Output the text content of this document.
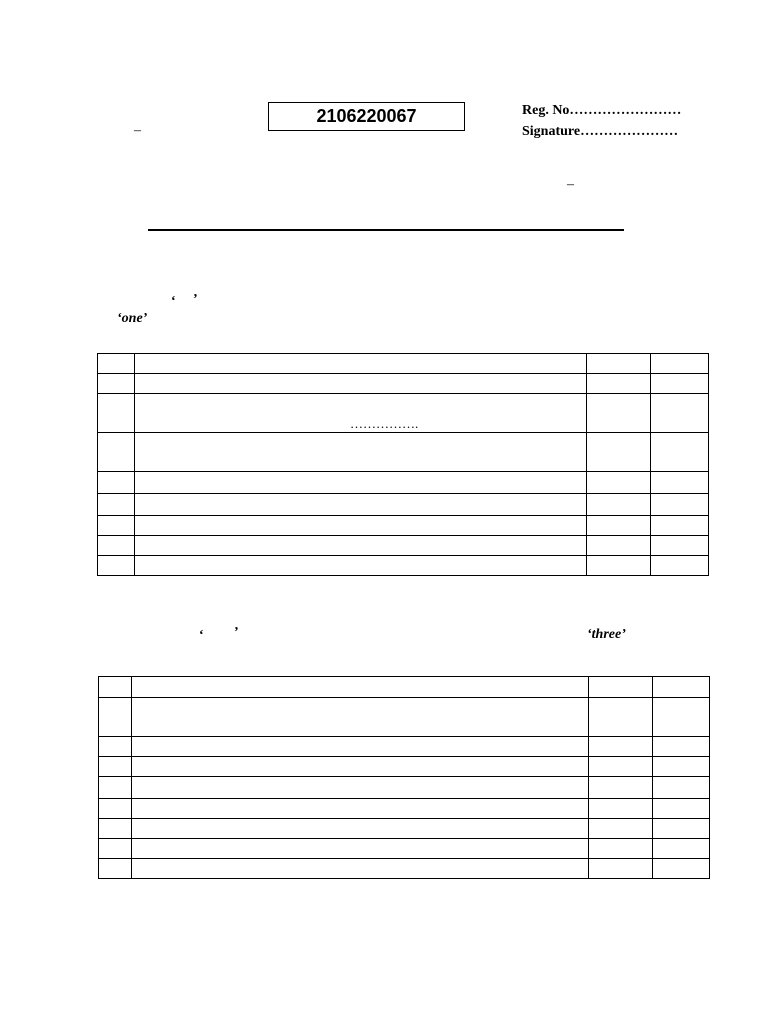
2106220067	Reg. No……………………
Signature…………………
–
–
‘ ’
‘one’

…………….
‘ ’	‘three’
